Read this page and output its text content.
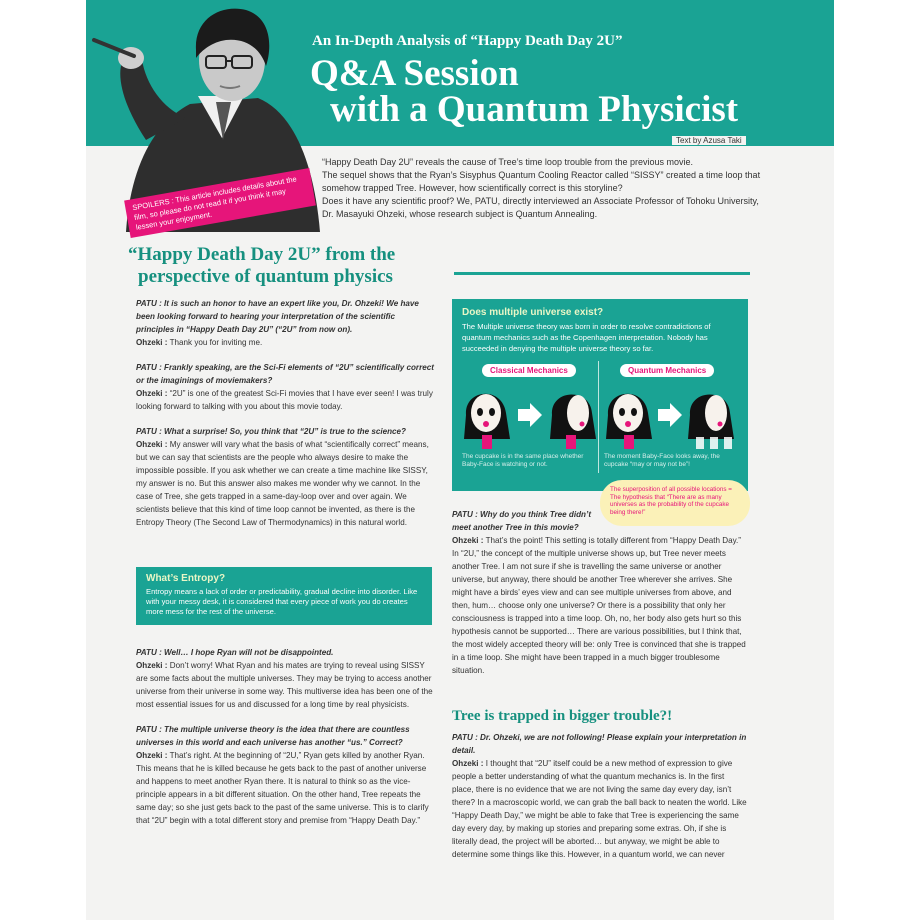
An In-Depth Analysis of “Happy Death Day 2U”
Q&A Session
with a Quantum Physicist
Text by Azusa Taki
SPOILERS : This article includes details about the film, so please do not read it if you think it may lessen your enjoyment.

“Happy Death Day 2U” reveals the cause of Tree’s time loop trouble from the previous movie.

The sequel shows that the Ryan’s Sisyphus Quantum Cooling Reactor called “SISSY” created a time loop that somehow trapped Tree. However, how scientifically correct is this storyline?

Does it have any scientific proof? We, PATU, directly interviewed an Associate Professor of Tohoku University, Dr. Masayuki Ohzeki, whose research subject is Quantum Annealing.

“Happy Death Day 2U” from the
perspective of quantum physics

PATU : It is such an honor to have an expert like you, Dr. Ohzeki! We have been looking forward to hearing your interpretation of the scientific principles in “Happy Death Day 2U” (“2U” from now on).
Ohzeki : Thank you for inviting me.

PATU : Frankly speaking, are the Sci-Fi elements of “2U” scientifically correct or the imaginings of moviemakers?
Ohzeki : “2U” is one of the greatest Sci-Fi movies that I have ever seen! I was truly looking forward to talking with you about this movie today.

PATU : What a surprise! So, you think that “2U” is true to the science?
Ohzeki : My answer will vary what the basis of what “scientifically correct” means, but we can say that scientists are the people who always desire to make the impossible possible. If you ask whether we can create a time machine like SISSY, my answer is no. But this answer also makes me wonder why we cannot. In the case of Tree, she gets trapped in a same-day-loop over and over again. We scientists believe that this kind of time loop cannot be invented, as there is the Entropy Theory (The Second Law of Thermodynamics) in this natural world.

What’s Entropy?
Entropy means a lack of order or predictability, gradual decline into disorder. Like with your messy desk, it is considered that every piece of work you do creates more mess for the rest of the universe.

PATU : Well… I hope Ryan will not be disappointed.
Ohzeki : Don’t worry! What Ryan and his mates are trying to reveal using SISSY are some facts about the multiple universes. They may be trying to access another universe from their universe in some way. This multiverse idea has been one of the most essential issues for us and discussed for a long time by real physicists.

PATU : The multiple universe theory is the idea that there are countless universes in this world and each universe has another “us.” Correct?
Ohzeki : That’s right. At the beginning of “2U,” Ryan gets killed by another Ryan. This means that he is killed because he gets back to the past of another universe and happens to meet another Ryan there. It is natural to think so as the vice-principle appears in a bit different situation. On the other hand, Tree repeats the same day; so she just gets back to the past of the same universe. This is to clarify that “2U” begin with a total different story and premise from “Happy Death Day.”

Does multiple universe exist?
The Multiple universe theory was born in order to resolve contradictions of quantum mechanics such as the Copenhagen interpretation. Nobody has succeeded in denying the multiple universe theory so far.
Classical Mechanics	Quantum Mechanics
The cupcake is in the same place whether Baby-Face is watching or not.
The moment Baby-Face looks away, the cupcake “may or may not be”!
The superposition of all possible locations = The hypothesis that “There are as many universes as the probability of the cupcake being there!”

PATU : Why do you think Tree didn’t meet another Tree in this movie?
Ohzeki : That’s the point! This setting is totally different from “Happy Death Day.” In “2U,” the concept of the multiple universe shows up, but Tree never meets another Tree. I am not sure if she is travelling the same universe or another universe, but anyway, there should be another Tree wherever she arrives. She might have a birds’ eyes view and can see multiple universes from above, and then, hum… choose only one universe? Or there is a possibility that only her consciousness is trapped into a time loop. Oh, no, her body also gets hurt so this hypothesis cannot be supported… There are various possibilities, but I think that, the most widely accepted theory will be: only Tree is convinced that she is trapped in a time loop. She might have been trapped in a much bigger troublesome situation.

Tree is trapped in bigger trouble?!

PATU : Dr. Ohzeki, we are not following! Please explain your interpretation in detail.
Ohzeki : I thought that “2U” itself could be a new method of expression to give people a better understanding of what the quantum mechanics is. In the first place, there is no evidence that we are not living the same day every day, isn’t there? In a macroscopic world, we can grab the ball back to neaten the world. Like “Happy Death Day,” we might be able to fake that Tree is experiencing the same day every day, by making up stories and preparing some extras. Oh, if she is literally dead, the project will be aborted… but anyway, we might be able to determine some things like this. However, in a quantum world, we can never
